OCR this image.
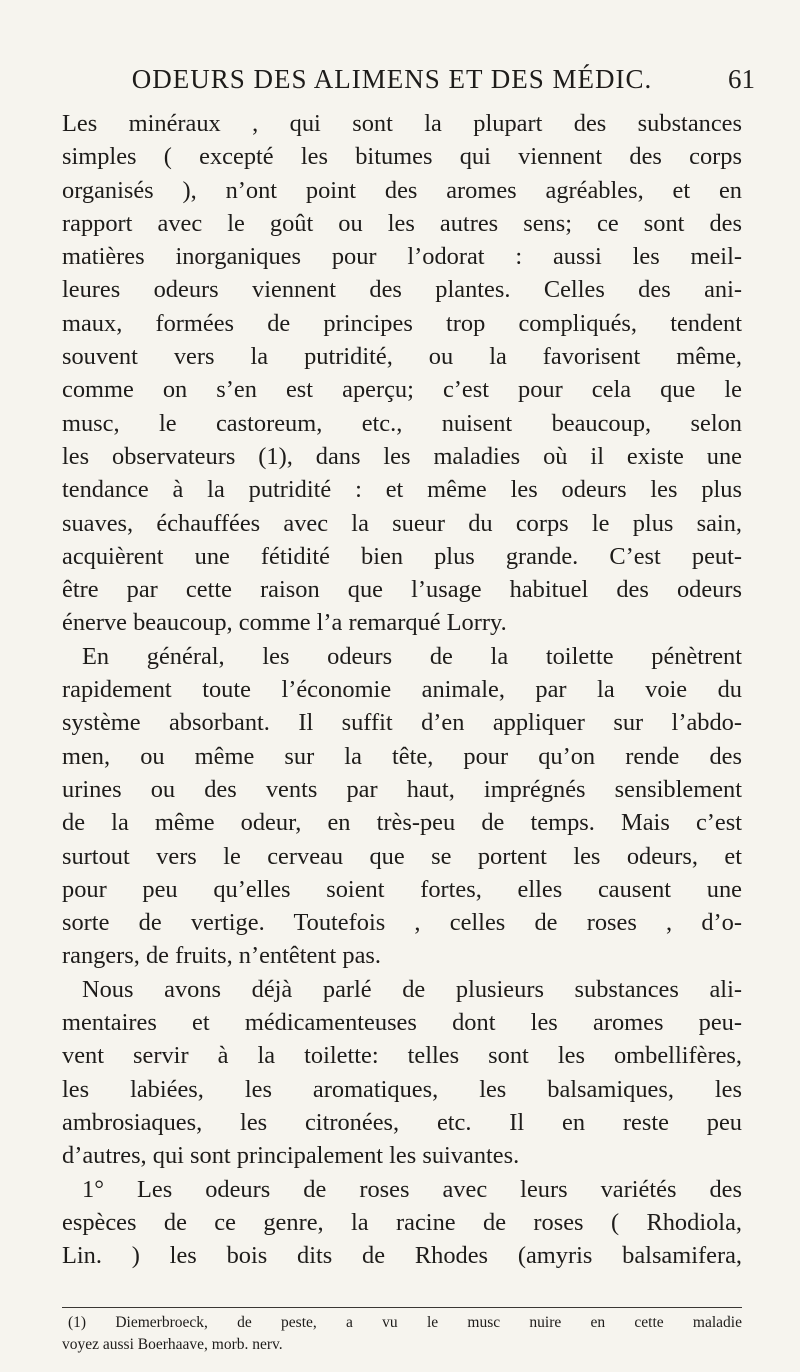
ODEURS DES ALIMENS ET DES MÉDIC.	61
Les minéraux , qui sont la plupart des substances
simples ( excepté les bitumes qui viennent des corps
organisés ), n’ont point des aromes agréables, et en
rapport avec le goût ou les autres sens; ce sont des
matières inorganiques pour l’odorat : aussi les meil-
leures odeurs viennent des plantes. Celles des ani-
maux, formées de principes trop compliqués, tendent
souvent vers la putridité, ou la favorisent même,
comme on s’en est aperçu; c’est pour cela que le
musc, le castoreum, etc., nuisent beaucoup, selon
les observateurs (1), dans les maladies où il existe une
tendance à la putridité : et même les odeurs les plus
suaves, échauffées avec la sueur du corps le plus sain,
acquièrent une fétidité bien plus grande. C’est peut-
être par cette raison que l’usage habituel des odeurs
énerve beaucoup, comme l’a remarqué Lorry.
En général, les odeurs de la toilette pénètrent
rapidement toute l’économie animale, par la voie du
système absorbant. Il suffit d’en appliquer sur l’abdo-
men, ou même sur la tête, pour qu’on rende des
urines ou des vents par haut, imprégnés sensiblement
de la même odeur, en très-peu de temps. Mais c’est
surtout vers le cerveau que se portent les odeurs, et
pour peu qu’elles soient fortes, elles causent une
sorte de vertige. Toutefois , celles de roses , d’o-
rangers, de fruits, n’entêtent pas.
Nous avons déjà parlé de plusieurs substances ali-
mentaires et médicamenteuses dont les aromes peu-
vent servir à la toilette: telles sont les ombellifères,
les labiées, les aromatiques, les balsamiques, les
ambrosiaques, les citronées, etc. Il en reste peu
d’autres, qui sont principalement les suivantes.
1° Les odeurs de roses avec leurs variétés des
espèces de ce genre, la racine de roses ( Rhodiola,
Lin. ) les bois dits de Rhodes (amyris balsamifera,
(1) Diemerbroeck, de peste, a vu le musc nuire en cette maladie
voyez aussi Boerhaave, morb. nerv.
